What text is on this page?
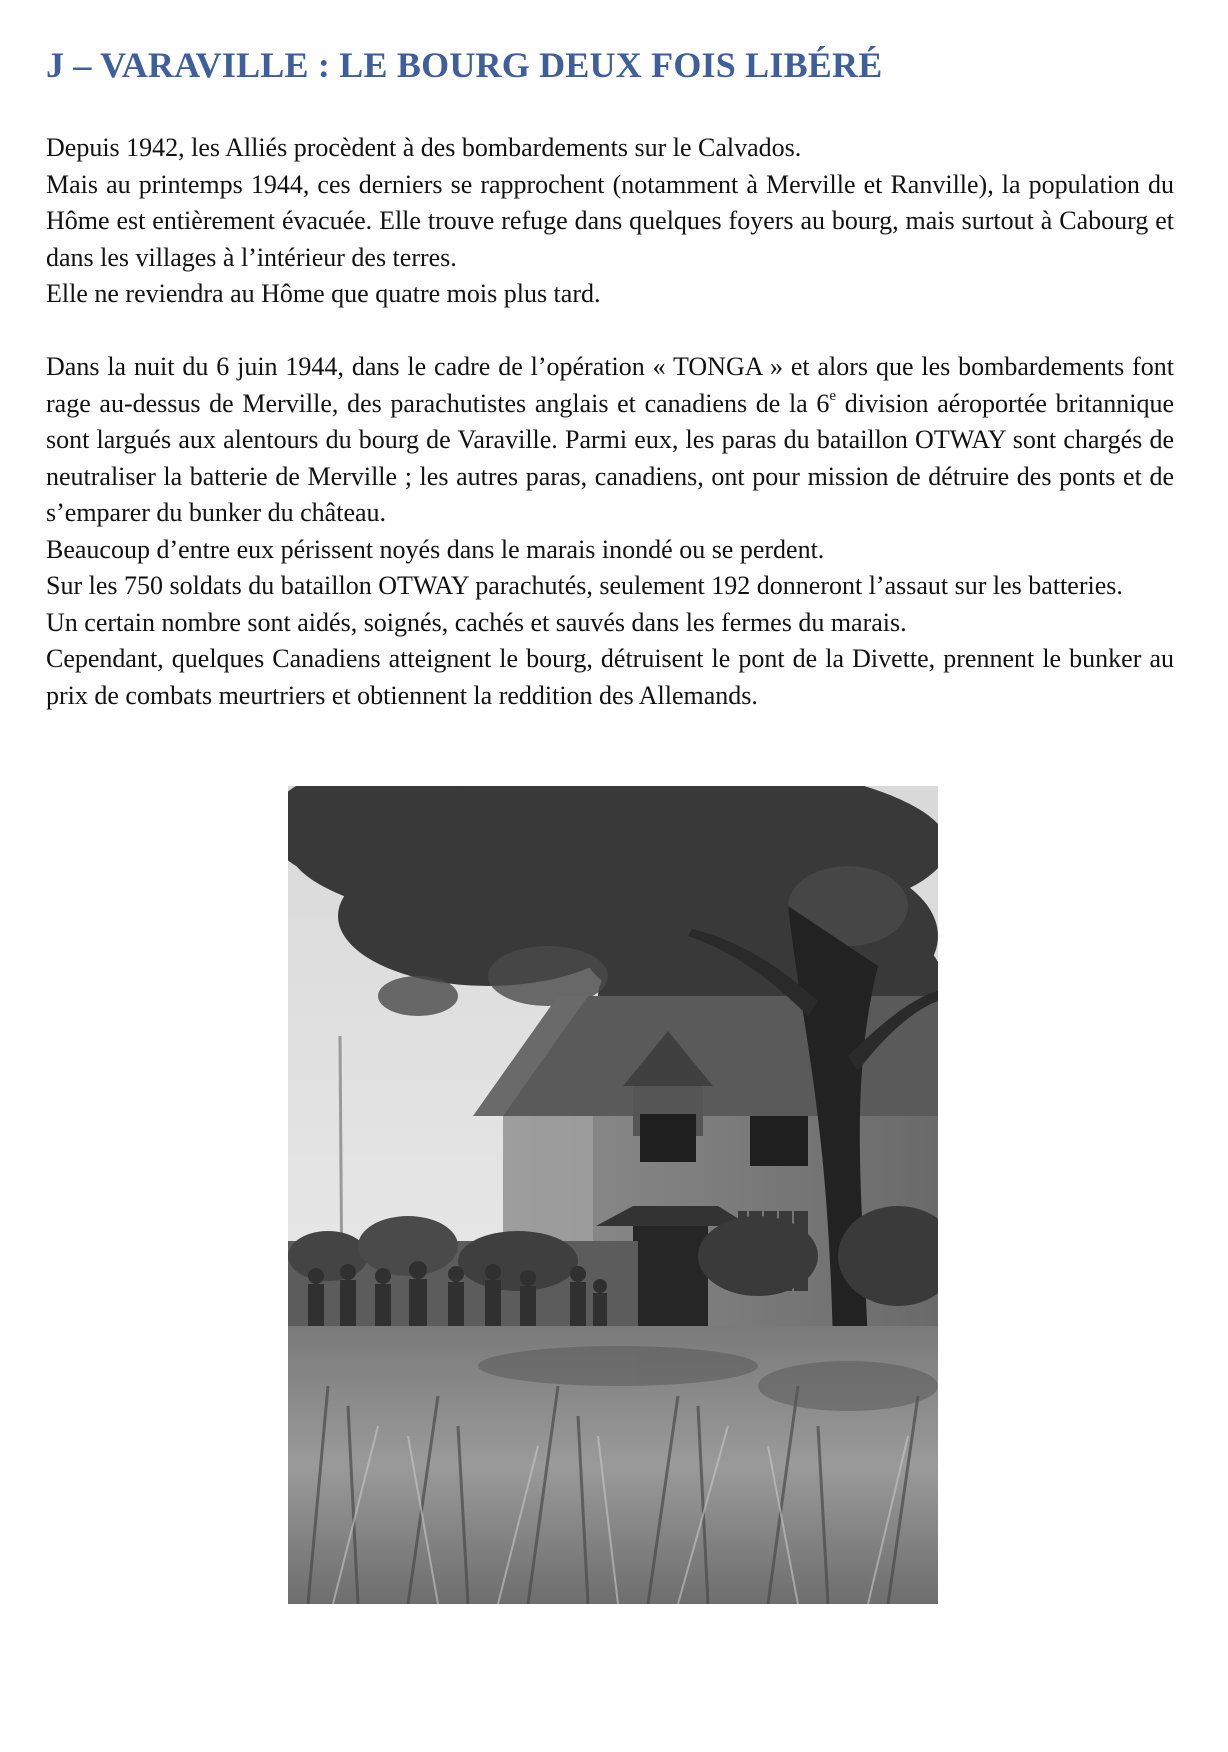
J – VARAVILLE : LE BOURG DEUX FOIS LIBÉRÉ

Depuis 1942, les Alliés procèdent à des bombardements sur le Calvados.

Mais au printemps 1944, ces derniers se rapprochent (notamment à Merville et Ranville), la population du Hôme est entièrement évacuée. Elle trouve refuge dans quelques foyers au bourg, mais surtout à Cabourg et dans les villages à l’intérieur des terres.

Elle ne reviendra au Hôme que quatre mois plus tard.

Dans la nuit du 6 juin 1944, dans le cadre de l’opération « TONGA » et alors que les bombardements font rage au-dessus de Merville, des parachutistes anglais et canadiens de la 6e division aéroportée britannique sont largués aux alentours du bourg de Varaville. Parmi eux, les paras du bataillon OTWAY sont chargés de neutraliser la batterie de Merville ; les autres paras, canadiens, ont pour mission de détruire des ponts et de s’emparer du bunker du château.

Beaucoup d’entre eux périssent noyés dans le marais inondé ou se perdent.

Sur les 750 soldats du bataillon OTWAY parachutés, seulement 192 donneront l’assaut sur les batteries.

Un certain nombre sont aidés, soignés, cachés et sauvés dans les fermes du marais.

Cependant, quelques Canadiens atteignent le bourg, détruisent le pont de la Divette, prennent le bunker au prix de combats meurtriers et obtiennent la reddition des Allemands.
